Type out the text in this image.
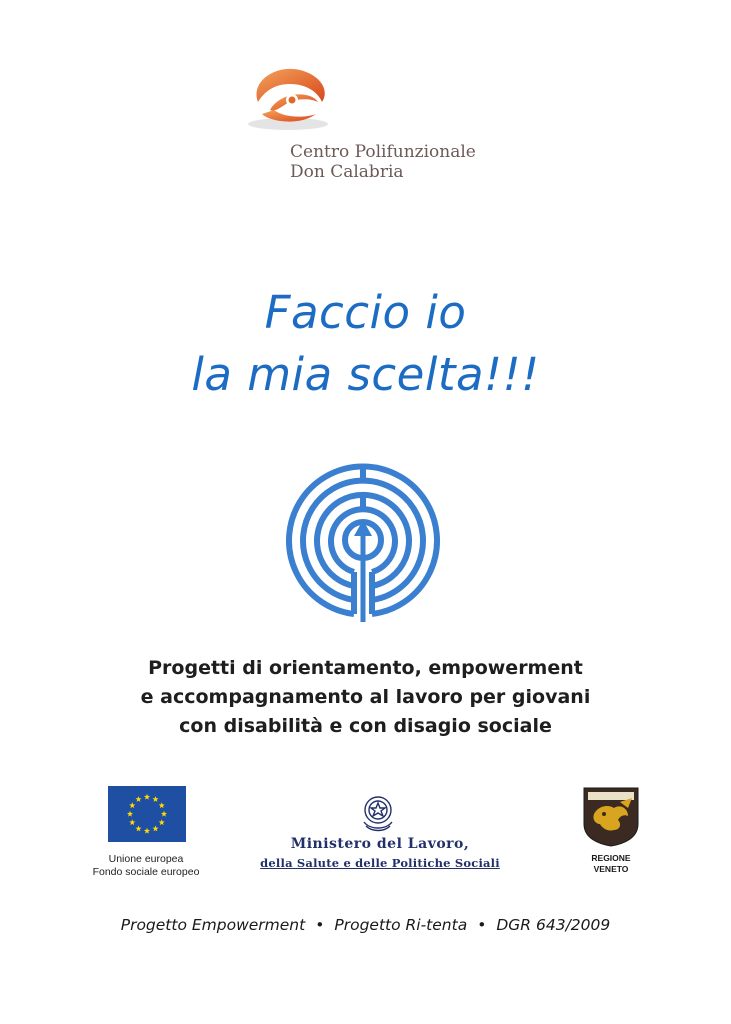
Centro Polifunzionale
Don Calabria
Faccio io
la mia scelta!!!
Progetti di orientamento, empowerment
e accompagnamento al lavoro per giovani
con disabilità e con disagio sociale
Unione europea
Fondo sociale europeo
Ministero del Lavoro,
della Salute e delle Politiche Sociali	REGIONE
VENETO
Progetto Empowerment • Progetto Ri-tenta • DGR 643/2009
